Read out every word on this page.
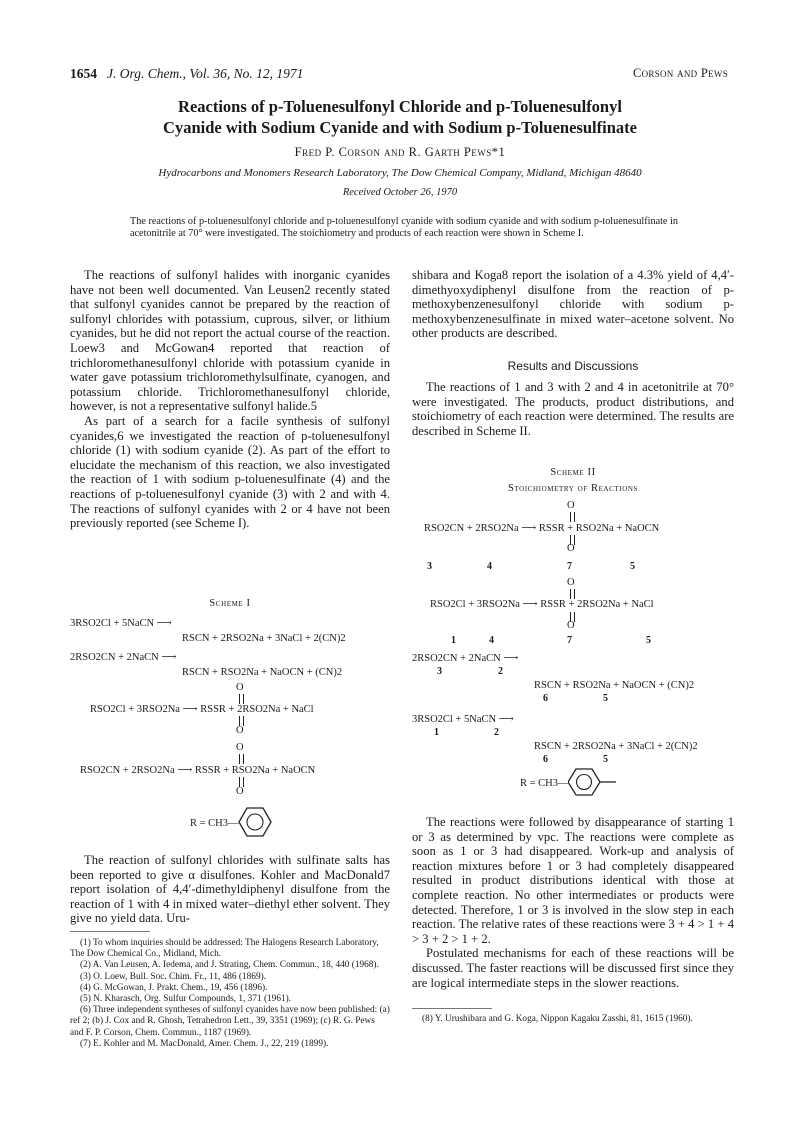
1654 J. Org. Chem., Vol. 36, No. 12, 1971	Corson and Pews
Reactions of p-Toluenesulfonyl Chloride and p-Toluenesulfonyl
Cyanide with Sodium Cyanide and with Sodium p-Toluenesulfinate
Fred P. Corson and R. Garth Pews*1
Hydrocarbons and Monomers Research Laboratory, The Dow Chemical Company, Midland, Michigan 48640
Received October 26, 1970
The reactions of p-toluenesulfonyl chloride and p-toluenesulfonyl cyanide with sodium cyanide and with sodium p-toluenesulfinate in acetonitrile at 70° were investigated. The stoichiometry and products of each reaction were shown in Scheme I.

The reactions of sulfonyl halides with inorganic cyanides have not been well documented. Van Leusen2 recently stated that sulfonyl cyanides cannot be prepared by the reaction of sulfonyl chlorides with potassium, cuprous, silver, or lithium cyanides, but he did not report the actual course of the reaction. Loew3 and McGowan4 reported that reaction of trichloromethanesulfonyl chloride with potassium cyanide in water gave potassium trichloromethylsulfinate, cyanogen, and potassium chloride. Trichloromethanesulfonyl chloride, however, is not a representative sulfonyl halide.5

As part of a search for a facile synthesis of sulfonyl cyanides,6 we investigated the reaction of p-toluenesulfonyl chloride (1) with sodium cyanide (2). As part of the effort to elucidate the mechanism of this reaction, we also investigated the reaction of 1 with sodium p-toluenesulfinate (4) and the reactions of p-toluenesulfonyl cyanide (3) with 2 and with 4. The reactions of sulfonyl cyanides with 2 or 4 have not been previously reported (see Scheme I).

Scheme I
3RSO2Cl + 5NaCN ⟶
RSCN + 2RSO2Na + 3NaCl + 2(CN)2
2RSO2CN + 2NaCN ⟶
RSCN + RSO2Na + NaOCN + (CN)2
O
RSO2Cl + 3RSO2Na ⟶ RSSR + 2RSO2Na + NaCl
O
O
RSO2CN + 2RSO2Na ⟶ RSSR + RSO2Na + NaOCN
O
R = CH3—

The reaction of sulfonyl chlorides with sulfinate salts has been reported to give α disulfones. Kohler and MacDonald7 report isolation of 4,4′-dimethyldiphenyl disulfone from the reaction of 1 with 4 in mixed water–diethyl ether solvent. They give no yield data. Uru-

(1) To whom inquiries should be addressed: The Halogens Research Laboratory, The Dow Chemical Co., Midland, Mich.

(2) A. Van Leusen, A. Iedema, and J. Strating, Chem. Commun., 18, 440 (1968).

(3) O. Loew, Bull. Soc. Chim. Fr., 11, 486 (1869).

(4) G. McGowan, J. Prakt. Chem., 19, 456 (1896).

(5) N. Kharasch, Org. Sulfur Compounds, 1, 371 (1961).

(6) Three independent syntheses of sulfonyl cyanides have now been published: (a) ref 2; (b) J. Cox and R. Ghosh, Tetrahedron Lett., 39, 3351 (1969); (c) R. G. Pews and F. P. Corson, Chem. Commun., 1187 (1969).

(7) E. Kohler and M. MacDonald, Amer. Chem. J., 22, 219 (1899).

shibara and Koga8 report the isolation of a 4.3% yield of 4,4′-dimethyoxydiphenyl disulfone from the reaction of p-methoxybenzenesulfonyl chloride with sodium p-methoxybenzenesulfinate in mixed water–acetone solvent. No other products are described.

Results and Discussions

The reactions of 1 and 3 with 2 and 4 in acetonitrile at 70° were investigated. The products, product distributions, and stoichiometry of each reaction were determined. The results are described in Scheme II.

Scheme II
Stoichiometry of Reactions
O
RSO2CN + 2RSO2Na ⟶ RSSR + RSO2Na + NaOCN
O
3	4	7	5
O
RSO2Cl + 3RSO2Na ⟶ RSSR + 2RSO2Na + NaCl
O
1	4	7	5
2RSO2CN + 2NaCN ⟶
3	2
RSCN + RSO2Na + NaOCN + (CN)2
6	5
3RSO2Cl + 5NaCN ⟶
1	2
RSCN + 2RSO2Na + 3NaCl + 2(CN)2
6	5
R = CH3—

The reactions were followed by disappearance of starting 1 or 3 as determined by vpc. The reactions were complete as soon as 1 or 3 had disappeared. Work-up and analysis of reaction mixtures before 1 or 3 had completely disappeared resulted in product distributions identical with those at complete reaction. No other intermediates or products were detected. Therefore, 1 or 3 is involved in the slow step in each reaction. The relative rates of these reactions were 3 + 4 > 1 + 4 > 3 + 2 > 1 + 2.

Postulated mechanisms for each of these reactions will be discussed. The faster reactions will be discussed first since they are logical intermediate steps in the slower reactions.

(8) Y. Urushibara and G. Koga, Nippon Kagaku Zasshi, 81, 1615 (1960).
